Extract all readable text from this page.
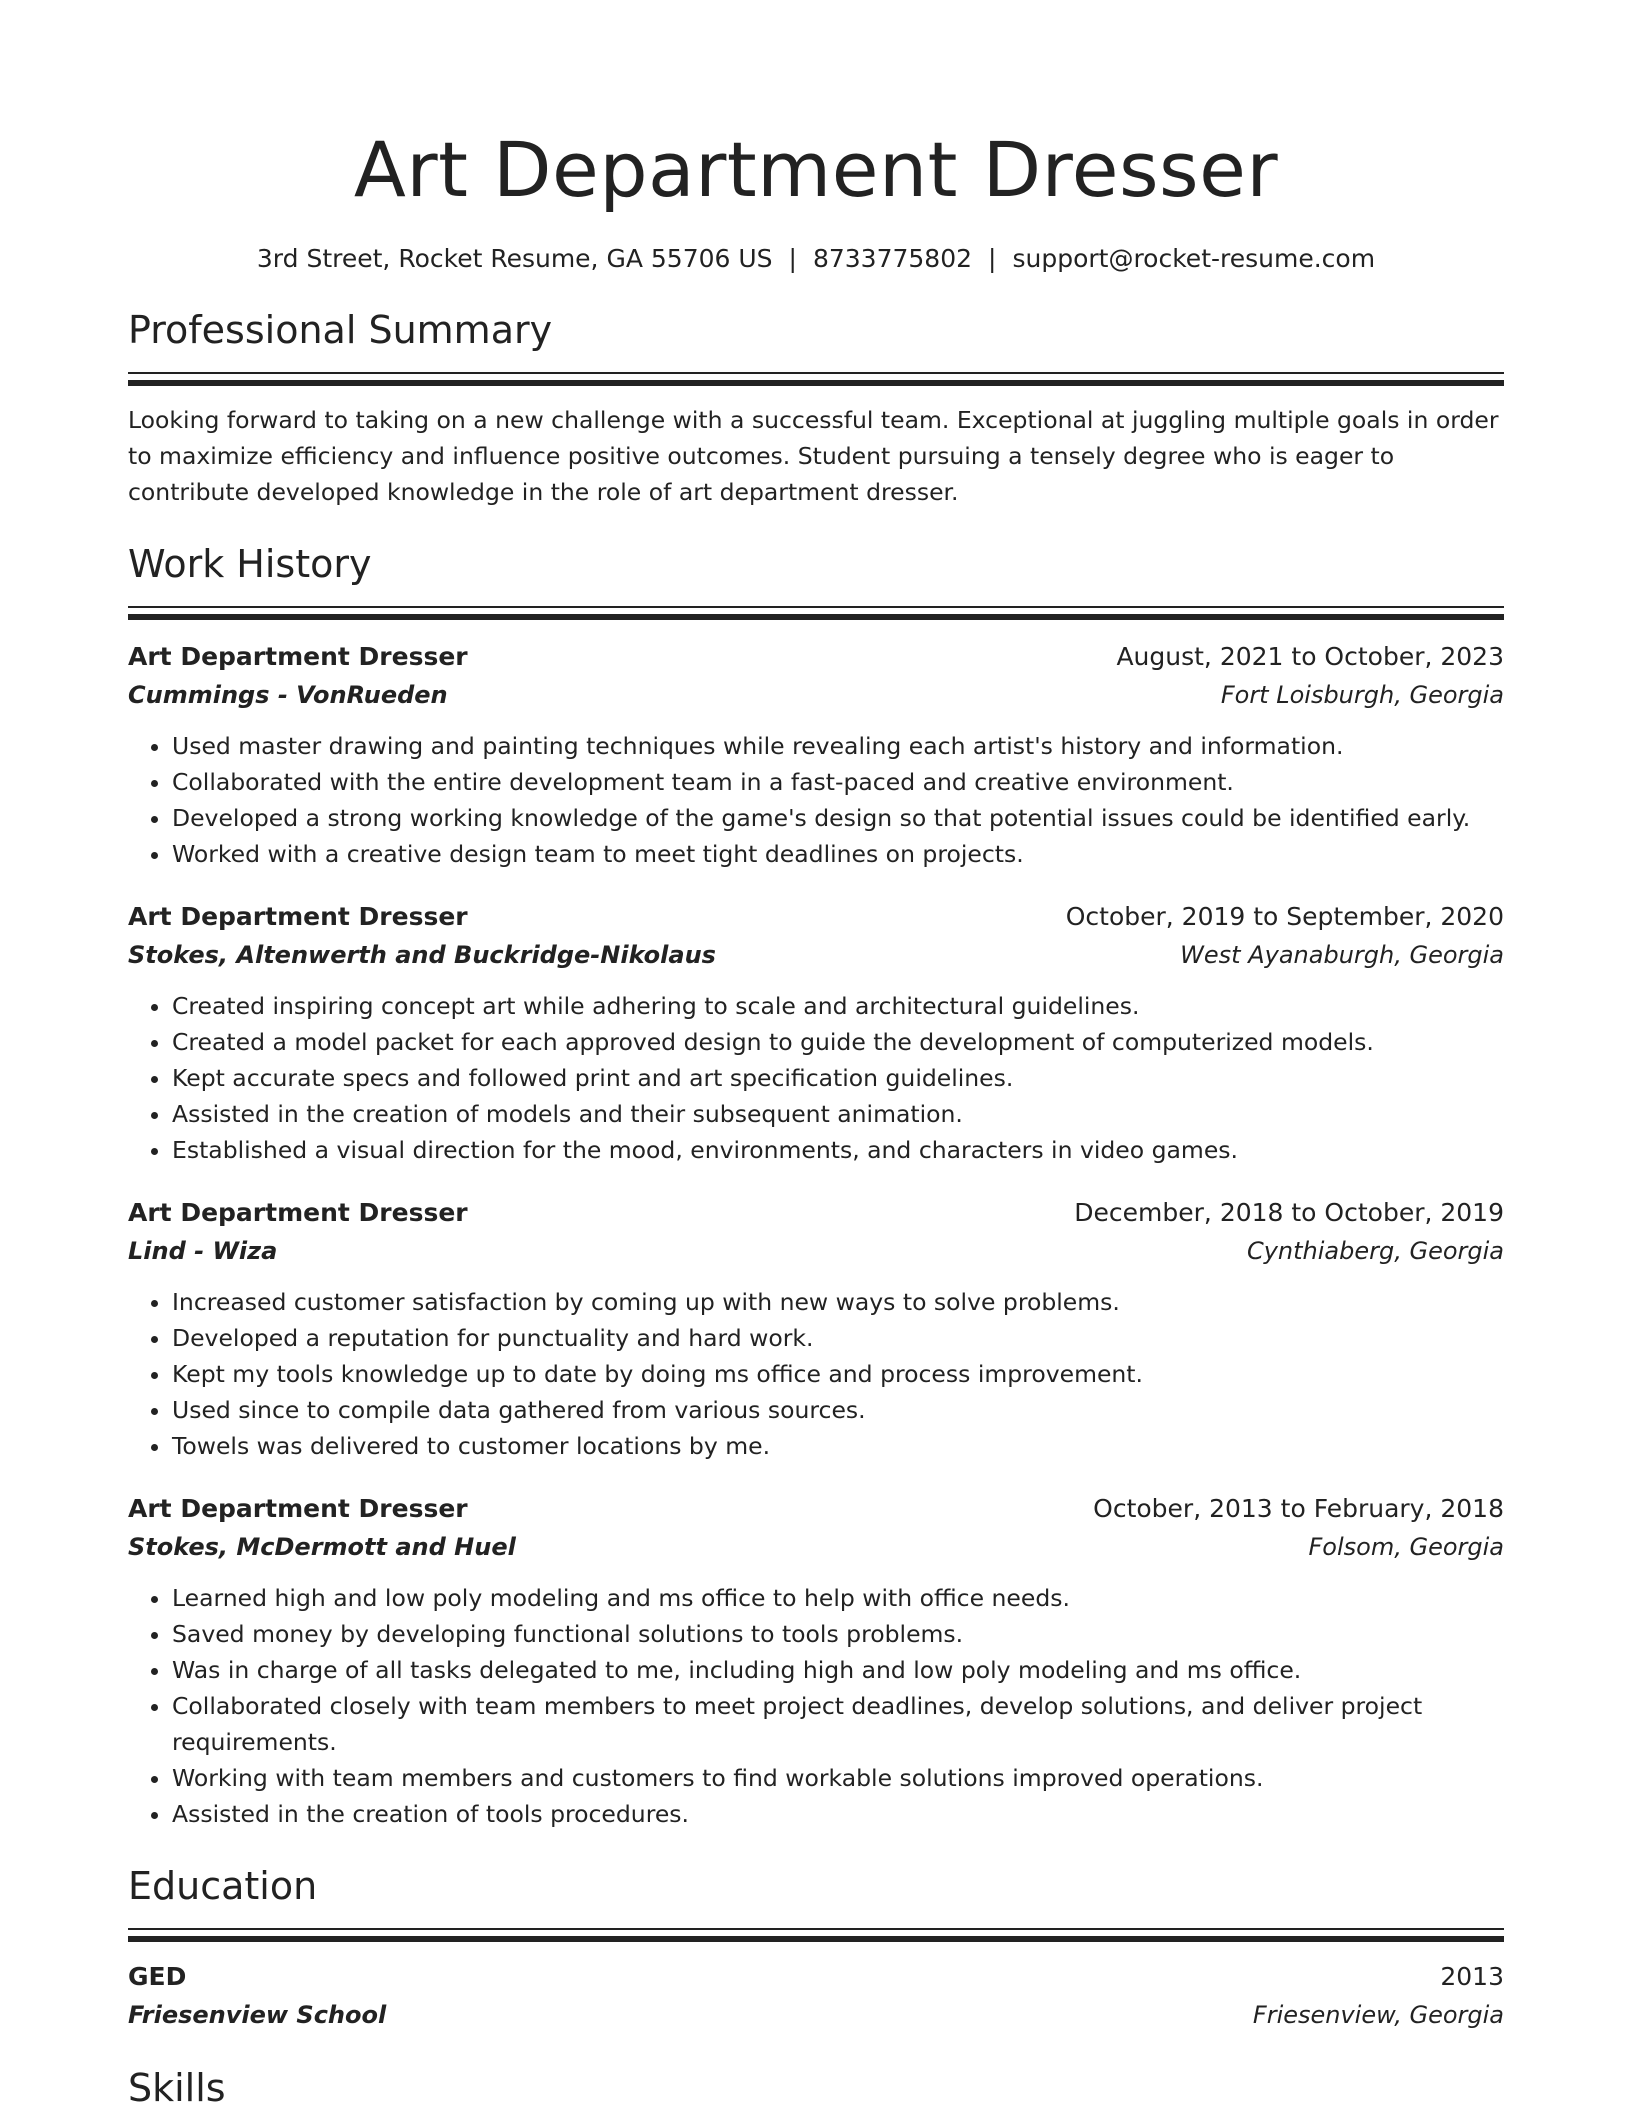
Art Department Dresser
3rd Street, Rocket Resume, GA 55706 US | 8733775802 | support@rocket-resume.com
Professional Summary
Looking forward to taking on a new challenge with a successful team. Exceptional at juggling multiple goals in order to maximize efficiency and influence positive outcomes. Student pursuing a tensely degree who is eager to contribute developed knowledge in the role of art department dresser.
Work History
Art Department Dresser	August, 2021 to October, 2023
Cummings - VonRueden	Fort Loisburgh, Georgia
• Used master drawing and painting techniques while revealing each artist's history and information.
• Collaborated with the entire development team in a fast-paced and creative environment.
• Developed a strong working knowledge of the game's design so that potential issues could be identified early.
• Worked with a creative design team to meet tight deadlines on projects.
Art Department Dresser	October, 2019 to September, 2020
Stokes, Altenwerth and Buckridge-Nikolaus	West Ayanaburgh, Georgia
• Created inspiring concept art while adhering to scale and architectural guidelines.
• Created a model packet for each approved design to guide the development of computerized models.
• Kept accurate specs and followed print and art specification guidelines.
• Assisted in the creation of models and their subsequent animation.
• Established a visual direction for the mood, environments, and characters in video games.
Art Department Dresser	December, 2018 to October, 2019
Lind - Wiza	Cynthiaberg, Georgia
• Increased customer satisfaction by coming up with new ways to solve problems.
• Developed a reputation for punctuality and hard work.
• Kept my tools knowledge up to date by doing ms office and process improvement.
• Used since to compile data gathered from various sources.
• Towels was delivered to customer locations by me.
Art Department Dresser	October, 2013 to February, 2018
Stokes, McDermott and Huel	Folsom, Georgia
• Learned high and low poly modeling and ms office to help with office needs.
• Saved money by developing functional solutions to tools problems.
• Was in charge of all tasks delegated to me, including high and low poly modeling and ms office.
• Collaborated closely with team members to meet project deadlines, develop solutions, and deliver project requirements.
• Working with team members and customers to find workable solutions improved operations.
• Assisted in the creation of tools procedures.
Education
GED	2013
Friesenview School	Friesenview, Georgia
Skills
